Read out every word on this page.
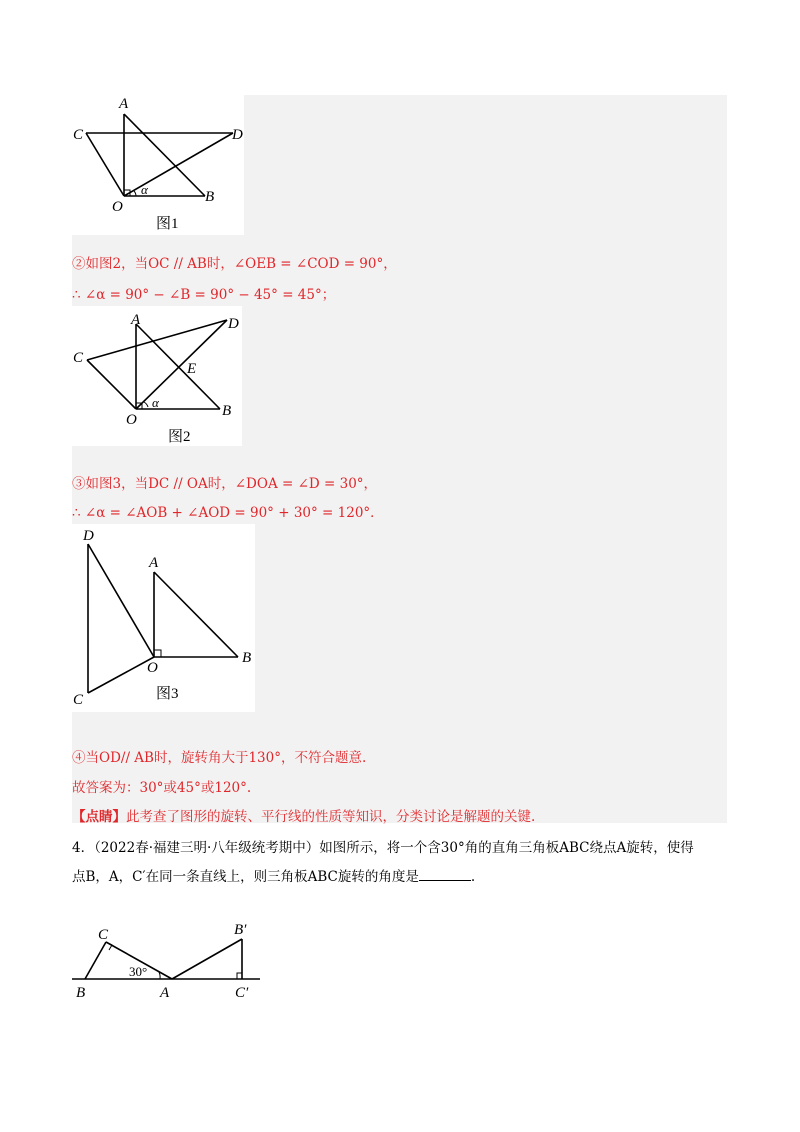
A
C	D
O
B
α
图1
②如图2，当OC // AB时，∠OEB = ∠COD = 90°，
∴ ∠α = 90° − ∠B = 90° − 45° = 45°；
A
C
D
E
O
B
α
图2
③如图3，当DC // OA时，∠DOA = ∠D = 30°，
∴ ∠α = ∠AOB + ∠AOD = 90° + 30° = 120°．
D
A
O
B
C	图3
④当OD// AB时，旋转角大于130°，不符合题意.
故答案为：30°或45°或120°.
【点睛】此考查了图形的旋转、平行线的性质等知识，分类讨论是解题的关键.
4．（2022春·福建三明·八年级统考期中）如图所示，将一个含30°角的直角三角板ABC绕点A旋转，使得
点B，A，C′在同一条直线上，则三角板ABC旋转的角度是	.
C
B	A
B′
C′
30°
